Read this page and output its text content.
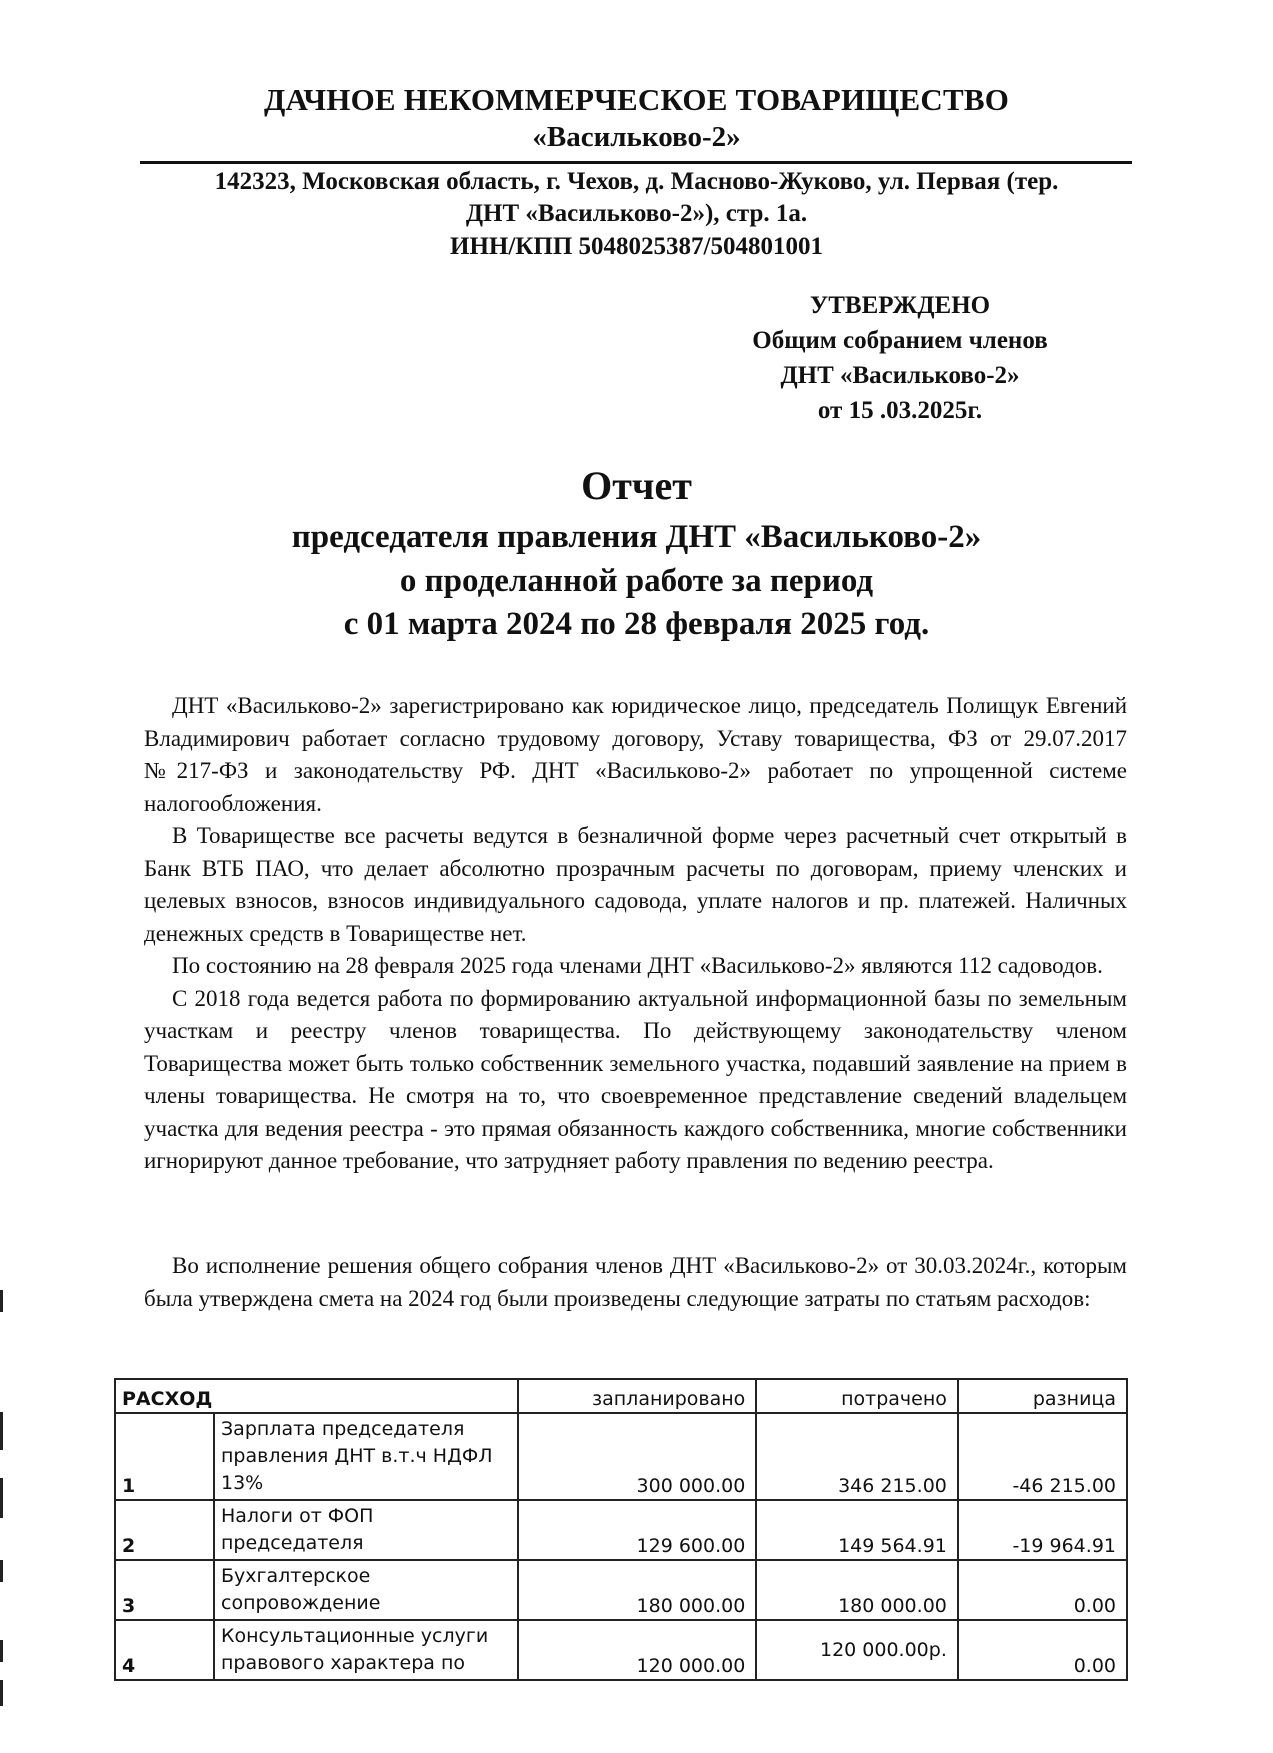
ДАЧНОЕ НЕКОММЕРЧЕСКОЕ ТОВАРИЩЕСТВО
«Васильково-2»
142323, Московская область, г. Чехов, д. Масново-Жуково, ул. Первая (тер.
ДНТ «Васильково-2»), стр. 1а.
ИНН/КПП 5048025387/504801001
УТВЕРЖДЕНО
Общим собранием членов
ДНТ «Васильково-2»
от 15 .03.2025г.
Отчет
председателя правления ДНТ «Васильково-2»
о проделанной работе за период
с 01 марта 2024 по 28 февраля 2025 год.

ДНТ «Васильково-2» зарегистрировано как юридическое лицо, председатель Полищук Евгений Владимирович работает согласно трудовому договору, Уставу товарищества, ФЗ от 29.07.2017 №217-ФЗ и законодательству РФ. ДНТ «Васильково-2» работает по упрощенной системе налогообложения.

В Товариществе все расчеты ведутся в безналичной форме через расчетный счет открытый в Банк ВТБ ПАО, что делает абсолютно прозрачным расчеты по договорам, приему членских и целевых взносов, взносов индивидуального садовода, уплате налогов и пр. платежей. Наличных денежных средств в Товариществе нет.

По состоянию на 28 февраля 2025 года членами ДНТ «Васильково-2» являются 112 садоводов.

С 2018 года ведется работа по формированию актуальной информационной базы по земельным участкам и реестру членов товарищества. По действующему законодательству членом Товарищества может быть только собственник земельного участка, подавший заявление на прием в члены товарищества. Не смотря на то, что своевременное представление сведений владельцем участка для ведения реестра - это прямая обязанность каждого собственника, многие собственники игнорируют данное требование, что затрудняет работу правления по ведению реестра.

Во исполнение решения общего собрания членов ДНТ «Васильково-2» от 30.03.2024г., которым была утверждена смета на 2024 год были произведены следующие затраты по статьям расходов:

РАСХОД		запланировано	потрачено	разница
1	Зарплата председателя правления ДНТ в.т.ч НДФЛ 13%	300 000.00	346 215.00	-46 215.00
2	Налоги от ФОП председателя	129 600.00	149 564.91	-19 964.91
3	Бухгалтерское сопровождение	180 000.00	180 000.00	0.00
4	Консультационные услуги правового характера по	120 000.00	120 000.00р.	0.00
